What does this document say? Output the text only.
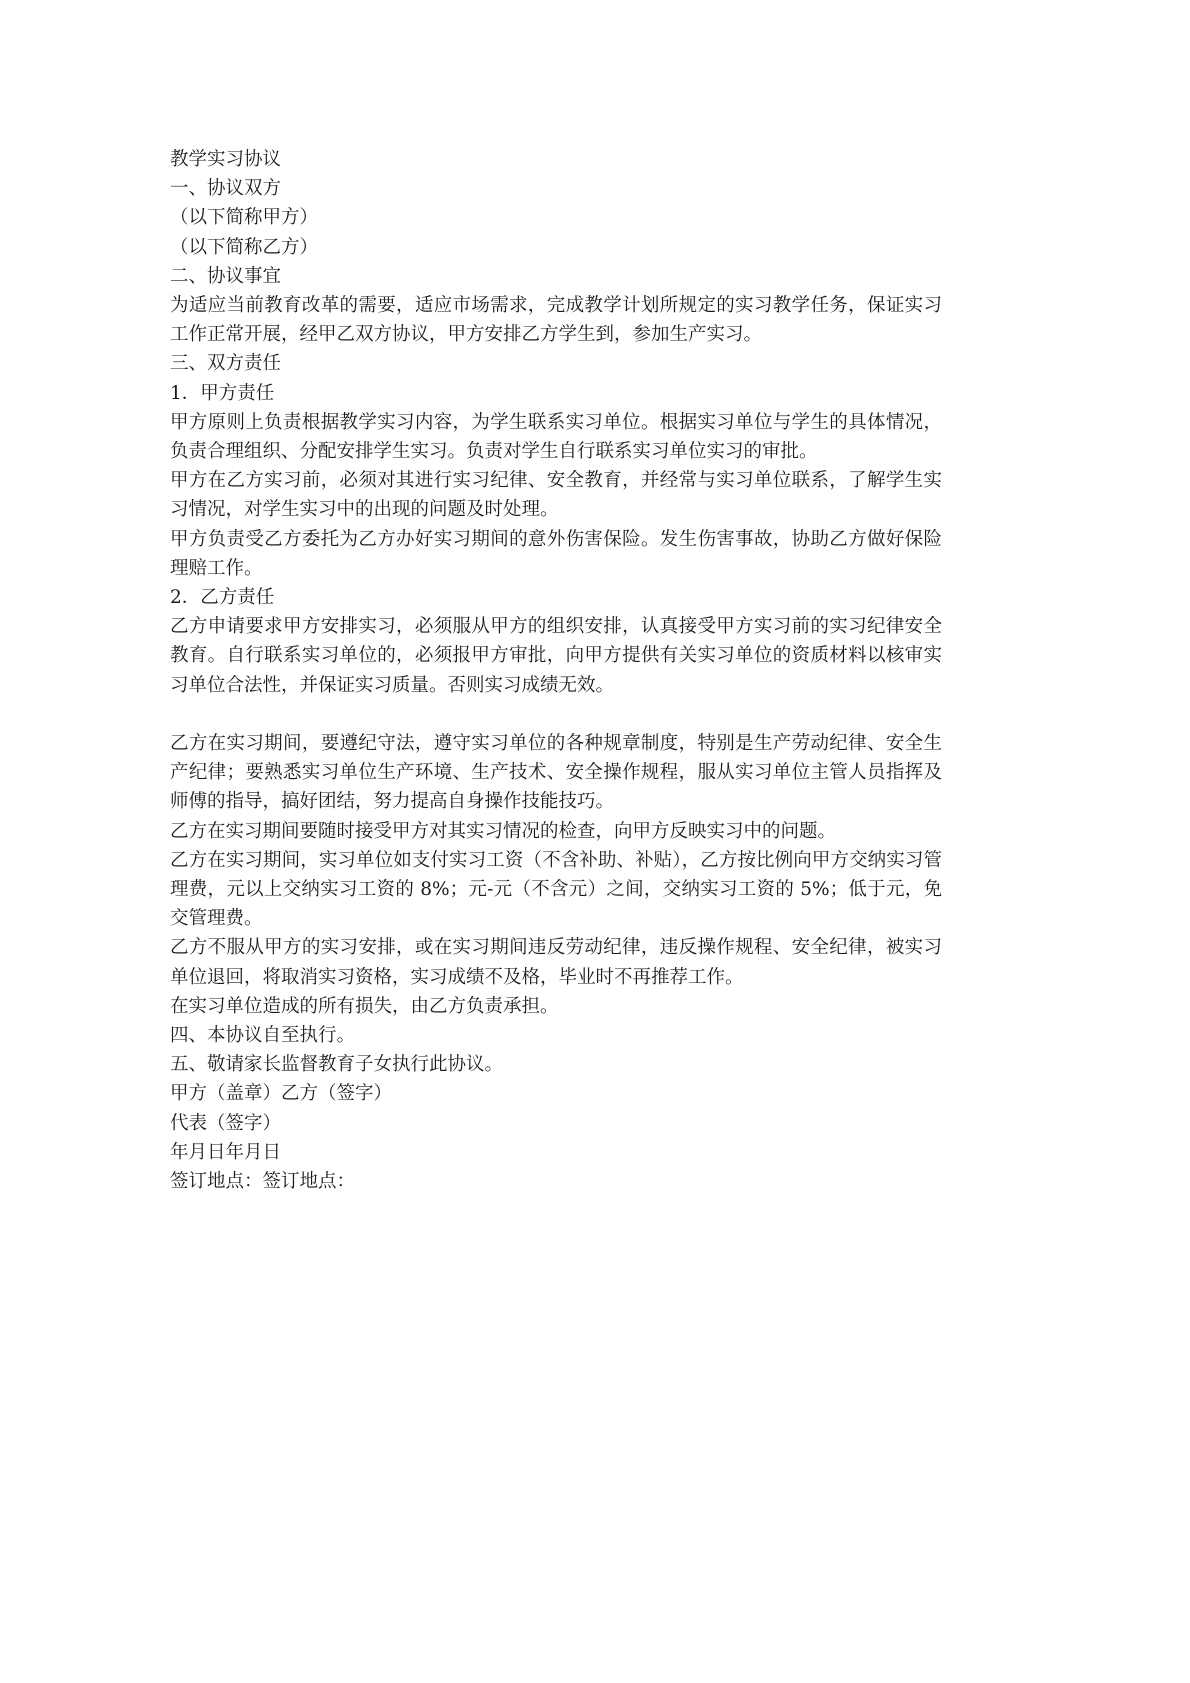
教学实习协议

一、协议双方

（以下简称甲方）

（以下简称乙方）

二、协议事宜

为适应当前教育改革的需要，适应市场需求，完成教学计划所规定的实习教学任务，保证实习工作正常开展，经甲乙双方协议，甲方安排乙方学生到，参加生产实习。

三、双方责任

1．甲方责任

甲方原则上负责根据教学实习内容，为学生联系实习单位。根据实习单位与学生的具体情况，负责合理组织、分配安排学生实习。负责对学生自行联系实习单位实习的审批。

甲方在乙方实习前，必须对其进行实习纪律、安全教育，并经常与实习单位联系，了解学生实习情况，对学生实习中的出现的问题及时处理。

甲方负责受乙方委托为乙方办好实习期间的意外伤害保险。发生伤害事故，协助乙方做好保险理赔工作。

2．乙方责任

乙方申请要求甲方安排实习，必须服从甲方的组织安排，认真接受甲方实习前的实习纪律安全教育。自行联系实习单位的，必须报甲方审批，向甲方提供有关实习单位的资质材料以核审实习单位合法性，并保证实习质量。否则实习成绩无效。

乙方在实习期间，要遵纪守法，遵守实习单位的各种规章制度，特别是生产劳动纪律、安全生产纪律；要熟悉实习单位生产环境、生产技术、安全操作规程，服从实习单位主管人员指挥及师傅的指导，搞好团结，努力提高自身操作技能技巧。

乙方在实习期间要随时接受甲方对其实习情况的检查，向甲方反映实习中的问题。

乙方在实习期间，实习单位如支付实习工资（不含补助、补贴），乙方按比例向甲方交纳实习管理费，元以上交纳实习工资的 8%；元-元（不含元）之间，交纳实习工资的 5%；低于元，免交管理费。

乙方不服从甲方的实习安排，或在实习期间违反劳动纪律，违反操作规程、安全纪律，被实习单位退回，将取消实习资格，实习成绩不及格，毕业时不再推荐工作。

在实习单位造成的所有损失，由乙方负责承担。

四、本协议自至执行。

五、敬请家长监督教育子女执行此协议。

甲方（盖章）乙方（签字）

代表（签字）

年月日年月日

签订地点：签订地点：
